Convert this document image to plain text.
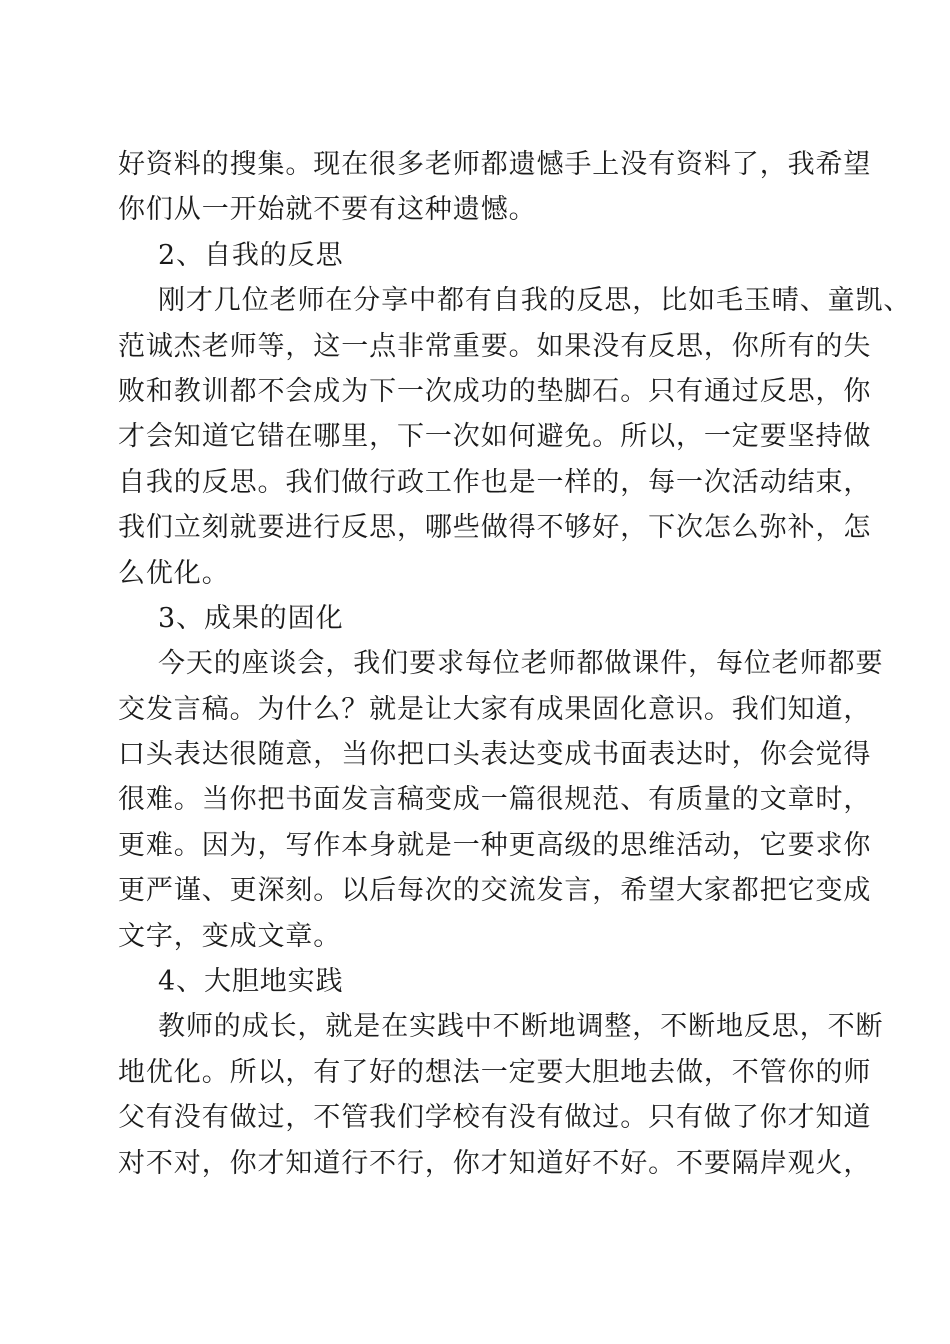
好资料的搜集。现在很多老师都遗憾手上没有资料了，我希望
你们从一开始就不要有这种遗憾。
2、自我的反思
刚才几位老师在分享中都有自我的反思，比如毛玉晴、童凯、
范诚杰老师等，这一点非常重要。如果没有反思，你所有的失
败和教训都不会成为下一次成功的垫脚石。只有通过反思，你
才会知道它错在哪里，下一次如何避免。所以，一定要坚持做
自我的反思。我们做行政工作也是一样的，每一次活动结束，
我们立刻就要进行反思，哪些做得不够好，下次怎么弥补，怎
么优化。
3、成果的固化
今天的座谈会，我们要求每位老师都做课件，每位老师都要
交发言稿。为什么？就是让大家有成果固化意识。我们知道，
口头表达很随意，当你把口头表达变成书面表达时，你会觉得
很难。当你把书面发言稿变成一篇很规范、有质量的文章时，
更难。因为，写作本身就是一种更高级的思维活动，它要求你
更严谨、更深刻。以后每次的交流发言，希望大家都把它变成
文字，变成文章。
4、大胆地实践
教师的成长，就是在实践中不断地调整，不断地反思，不断
地优化。所以，有了好的想法一定要大胆地去做，不管你的师
父有没有做过，不管我们学校有没有做过。只有做了你才知道
对不对，你才知道行不行，你才知道好不好。不要隔岸观火，
